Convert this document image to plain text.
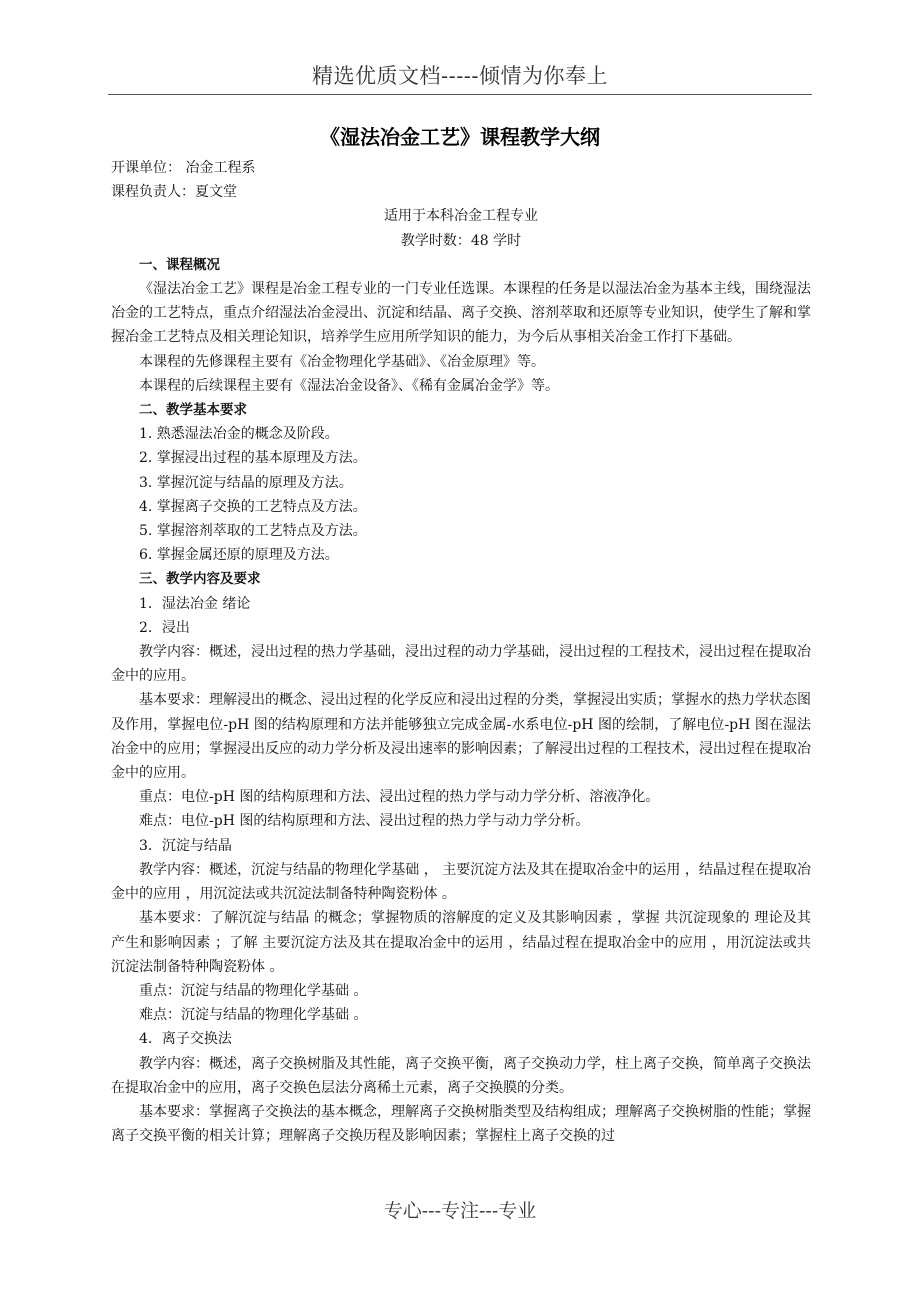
精选优质文档-----倾情为你奉上
《湿法冶金工艺》课程教学大纲

开课单位： 冶金工程系

课程负责人：夏文堂

适用于本科冶金工程专业

教学时数：48 学时

一、课程概况

《湿法冶金工艺》课程是冶金工程专业的一门专业任选课。本课程的任务是以湿法冶金为基本主线，围绕湿法冶金的工艺特点，重点介绍湿法冶金浸出、沉淀和结晶、离子交换、溶剂萃取和还原等专业知识，使学生了解和掌握冶金工艺特点及相关理论知识，培养学生应用所学知识的能力，为今后从事相关冶金工作打下基础。

本课程的先修课程主要有《冶金物理化学基础》、《冶金原理》等。

本课程的后续课程主要有《湿法冶金设备》、《稀有金属冶金学》等。

二、教学基本要求

1. 熟悉湿法冶金的概念及阶段。

2. 掌握浸出过程的基本原理及方法。

3. 掌握沉淀与结晶的原理及方法。

4. 掌握离子交换的工艺特点及方法。

5. 掌握溶剂萃取的工艺特点及方法。

6. 掌握金属还原的原理及方法。

三、教学内容及要求

1．湿法冶金 绪论

2．浸出

教学内容：概述，浸出过程的热力学基础，浸出过程的动力学基础，浸出过程的工程技术，浸出过程在提取冶金中的应用。

基本要求：理解浸出的概念、浸出过程的化学反应和浸出过程的分类，掌握浸出实质；掌握水的热力学状态图及作用，掌握电位-pH 图的结构原理和方法并能够独立完成金属-水系电位-pH 图的绘制，了解电位-pH 图在湿法冶金中的应用；掌握浸出反应的动力学分析及浸出速率的影响因素；了解浸出过程的工程技术，浸出过程在提取冶金中的应用。

重点：电位-pH 图的结构原理和方法、浸出过程的热力学与动力学分析、溶液净化。

难点：电位-pH 图的结构原理和方法、浸出过程的热力学与动力学分析。

3．沉淀与结晶

教学内容：概述，沉淀与结晶的物理化学基础 ， 主要沉淀方法及其在提取冶金中的运用 ，结晶过程在提取冶金中的应用 ，用沉淀法或共沉淀法制备特种陶瓷粉体 。

基本要求：了解沉淀与结晶 的概念；掌握物质的溶解度的定义及其影响因素 ，掌握 共沉淀现象的 理论及其产生和影响因素 ；了解 主要沉淀方法及其在提取冶金中的运用 ，结晶过程在提取冶金中的应用 ，用沉淀法或共沉淀法制备特种陶瓷粉体 。

重点：沉淀与结晶的物理化学基础 。

难点：沉淀与结晶的物理化学基础 。

4．离子交换法

教学内容：概述，离子交换树脂及其性能，离子交换平衡，离子交换动力学，柱上离子交换，简单离子交换法在提取冶金中的应用，离子交换色层法分离稀土元素，离子交换膜的分类。

基本要求：掌握离子交换法的基本概念，理解离子交换树脂类型及结构组成；理解离子交换树脂的性能；掌握离子交换平衡的相关计算；理解离子交换历程及影响因素；掌握柱上离子交换的过

专心---专注---专业
